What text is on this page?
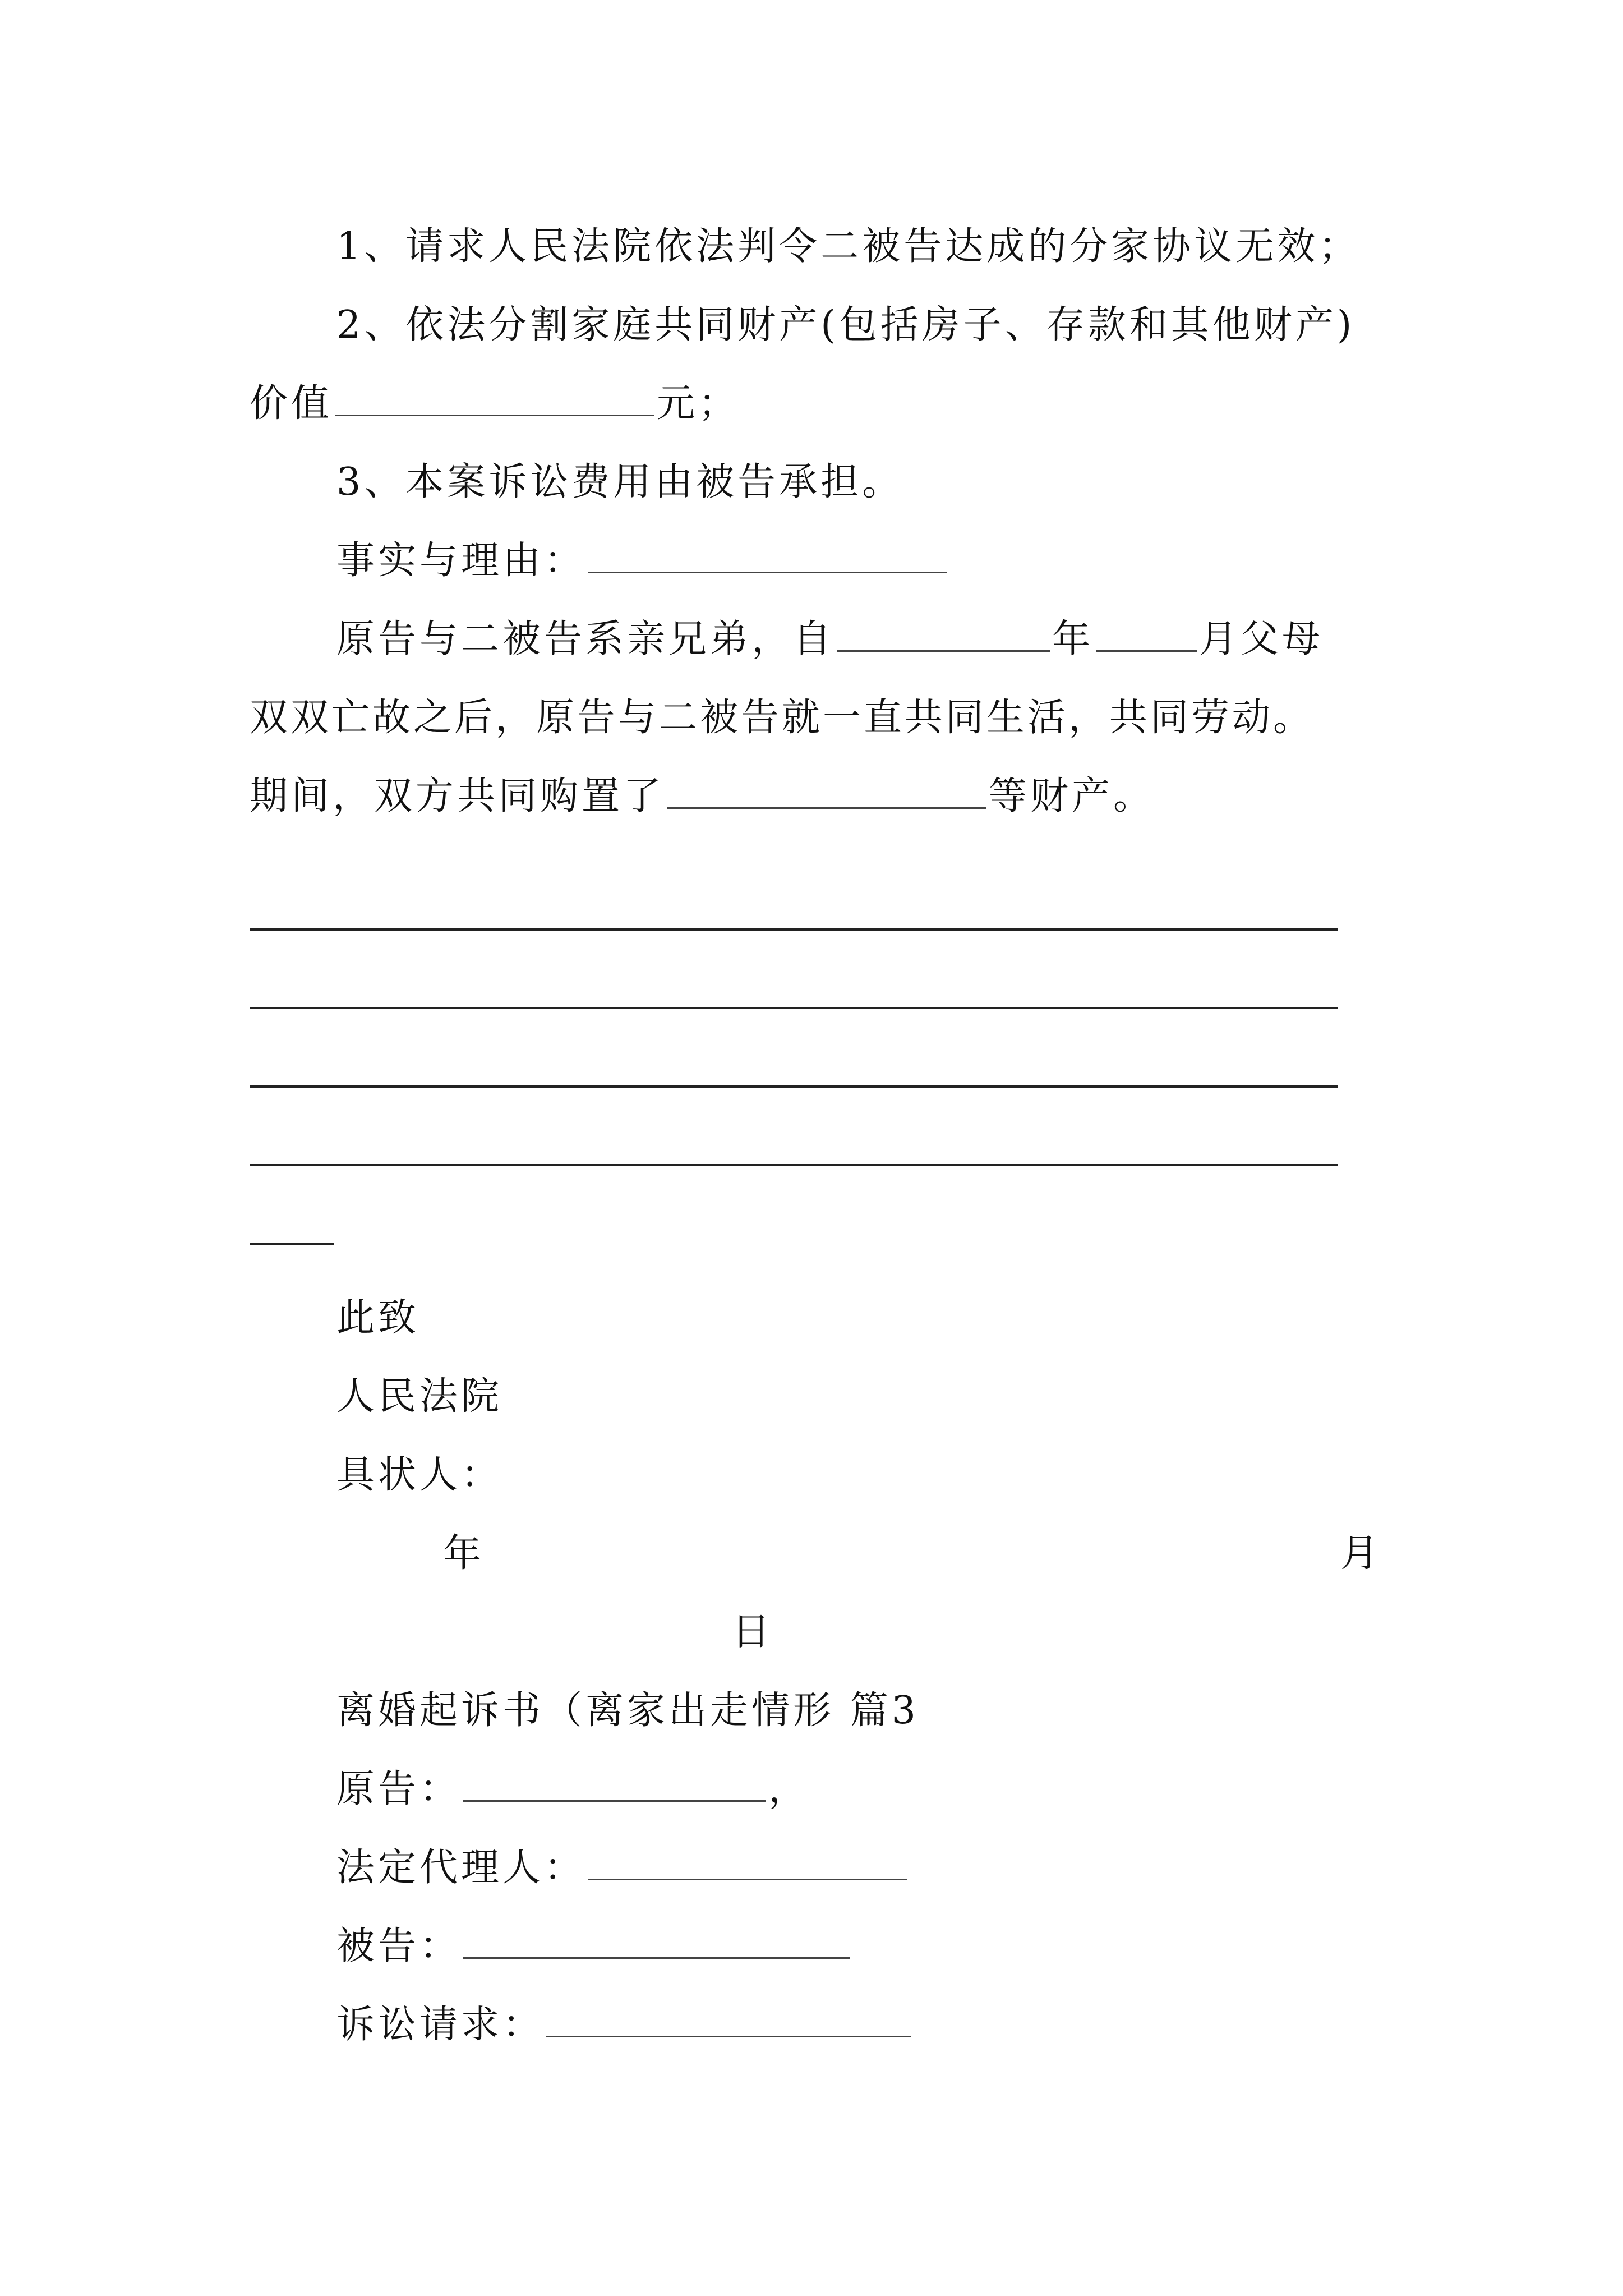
1、请求人民法院依法判令二被告达成的分家协议无效；
2、依法分割家庭共同财产(包括房子、存款和其他财产)
价值	元；
3、本案诉讼费用由被告承担。
事实与理由：
原告与二被告系亲兄弟，自	年	月父母
双双亡故之后，原告与二被告就一直共同生活，共同劳动。
期间，双方共同购置了	等财产。
此致
人民法院
具状人：
年	月
日
离婚起诉书（离家出走情形 篇3
原告：	，
法定代理人：
被告：
诉讼请求：
